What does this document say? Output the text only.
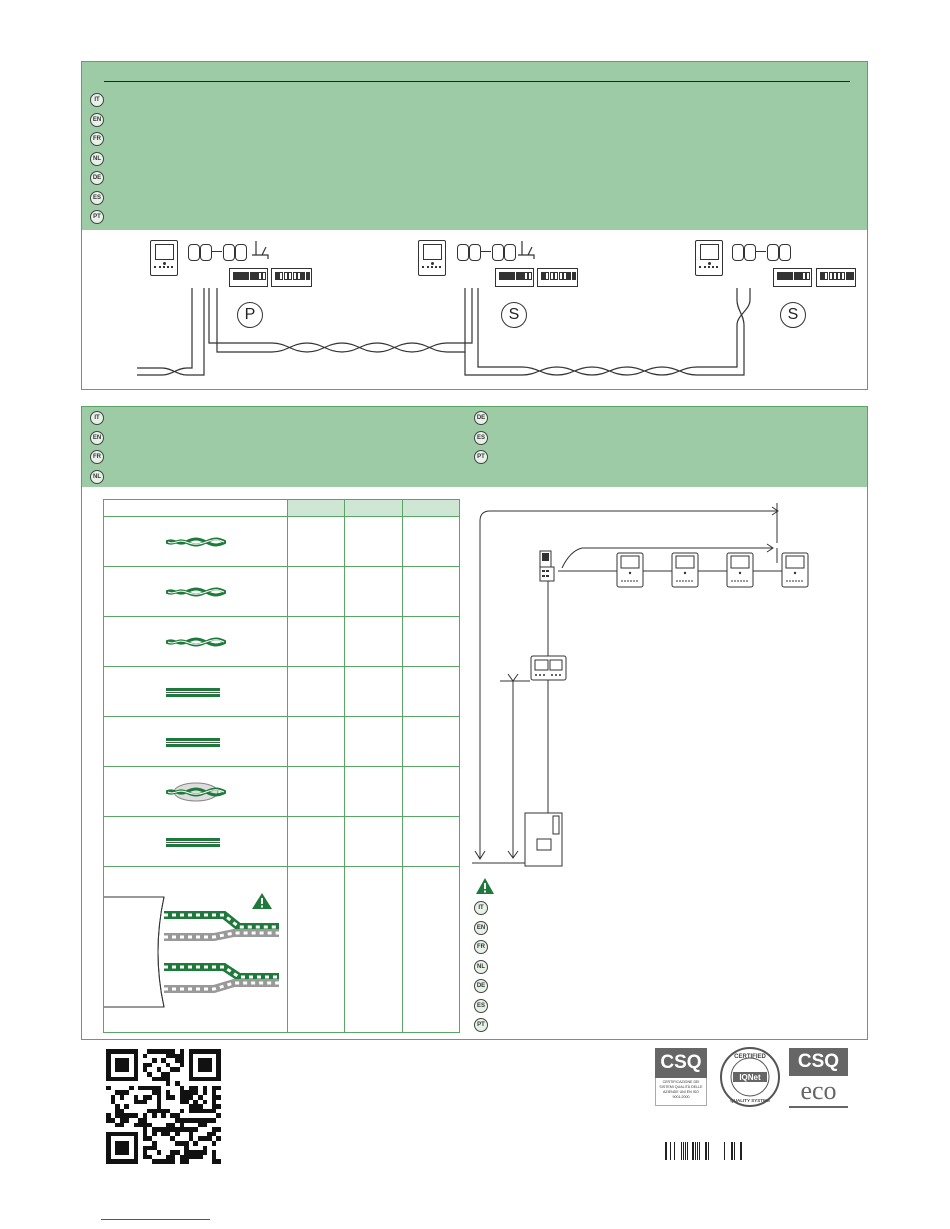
IT
EN
FR
NL
DE
ES
PT
P	S	S
IT
EN
FR
NL
DE
ES
PT

IT
EN
FR
NL
DE
ES
PT
CSQ
CERTIFICAZIONE DEI SISTEMI QUALITÀ DELLE AZIENDE UNI EN ISO 9001:2000
CERTIFIED
IQNet
QUALITY SYSTEM
CSQ
eco
